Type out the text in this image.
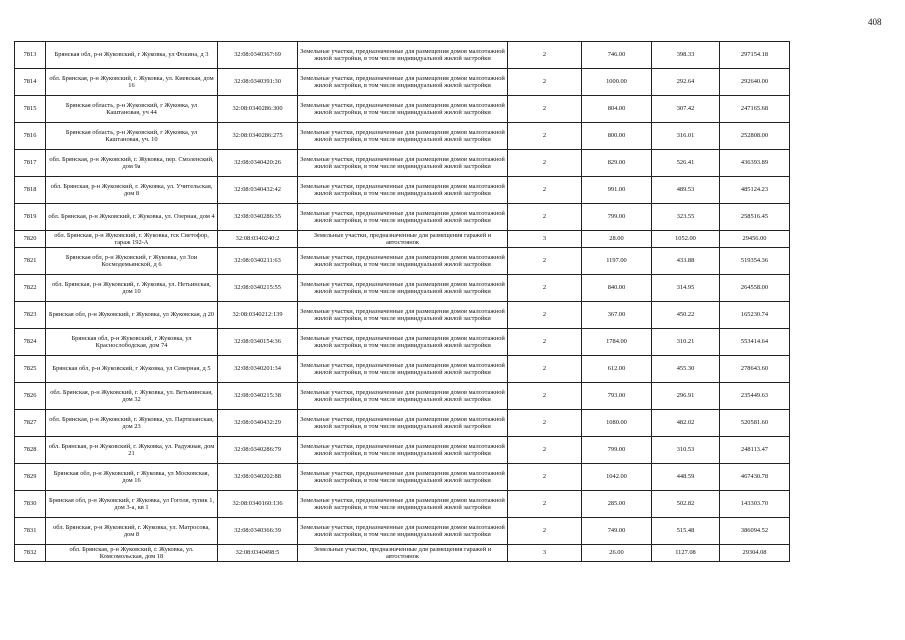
408
7813	Брянская обл, р-н Жуковский, г Жуковка, ул Фокина, д 3	32:08:0340367:69	Земельные участки, предназначенные для размещения домов малоэтажной жилой застройки, в том числе индивидуальной жилой застройки	2	746.00	398.33	297154.18
7814	обл. Брянская, р-н Жуковский, г. Жуковка, ул. Киевская, дом 16	32:08:0340391:30	Земельные участки, предназначенные для размещения домов малоэтажной жилой застройки, в том числе индивидуальной жилой застройки	2	1000.00	292.64	292640.00
7815	Брянская область, р-н Жуковский, г Жуковка, ул Каштановая, уч 44	32:08:0340286:300	Земельные участки, предназначенные для размещения домов малоэтажной жилой застройки, в том числе индивидуальной жилой застройки	2	804.00	307.42	247165.68
7816	Брянская область, р-н Жуковский, г Жуковка, ул Каштановая, уч. 10	32:08:0340286:275	Земельные участки, предназначенные для размещения домов малоэтажной жилой застройки, в том числе индивидуальной жилой застройки	2	800.00	316.01	252808.00
7817	обл. Брянская, р-н Жуковский, г. Жуковка, пер. Смоленский, дом 9а	32:08:0340420:26	Земельные участки, предназначенные для размещения домов малоэтажной жилой застройки, в том числе индивидуальной жилой застройки	2	829.00	526.41	436393.89
7818	обл. Брянская, р-н Жуковский, г. Жуковка, ул. Учительская, дом 8	32:08:0340432:42	Земельные участки, предназначенные для размещения домов малоэтажной жилой застройки, в том числе индивидуальной жилой застройки	2	991.00	489.53	485124.23
7819	обл. Брянская, р-н Жуковский, г. Жуковка, ул. Озерная, дом 4	32:08:0340286:35	Земельные участки, предназначенные для размещения домов малоэтажной жилой застройки, в том числе индивидуальной жилой застройки	2	799.00	323.55	258516.45
7820	обл. Брянская, р-н Жуковский, г. Жуковка, гск Светофор, гараж 192-А	32:08:0340240:2	Земельные участки, предназначенные для размещения гаражей и автостоянок	3	28.00	1052.00	29456.00
7821	Брянская обл, р-н Жуковский, г Жуковка, ул Зои Космодемьянской, д 6	32:08:0340211:63	Земельные участки, предназначенные для размещения домов малоэтажной жилой застройки, в том числе индивидуальной жилой застройки	2	1197.00	433.88	519354.36
7822	обл. Брянская, р-н Жуковский, г. Жуковка, ул. Нетьинская, дом 10	32:08:0340215:55	Земельные участки, предназначенные для размещения домов малоэтажной жилой застройки, в том числе индивидуальной жилой застройки	2	840.00	314.95	264558.00
7823	Брянская обл, р-н Жуковский, г Жуковка, ул Жуковская, д 20	32:08:0340212:139	Земельные участки, предназначенные для размещения домов малоэтажной жилой застройки, в том числе индивидуальной жилой застройки	2	367.00	450.22	165230.74
7824	Брянская обл, р-н Жуковский, г Жуковка, ул Краснослободская, дом 74	32:08:0340154:36	Земельные участки, предназначенные для размещения домов малоэтажной жилой застройки, в том числе индивидуальной жилой застройки	2	1784.00	310.21	553414.64
7825	Брянская обл, р-н Жуковский, г Жуковка, ул Северная, д 5	32:08:0340201:34	Земельные участки, предназначенные для размещения домов малоэтажной жилой застройки, в том числе индивидуальной жилой застройки	2	612.00	455.30	278643.60
7826	обл. Брянская, р-н Жуковский, г. Жуковка, ул. Ветьминская, дом 32	32:08:0340215:38	Земельные участки, предназначенные для размещения домов малоэтажной жилой застройки, в том числе индивидуальной жилой застройки	2	793.00	296.91	235449.63
7827	обл. Брянская, р-н Жуковский, г. Жуковка, ул. Партизанская, дом 23	32:08:0340432:29	Земельные участки, предназначенные для размещения домов малоэтажной жилой застройки, в том числе индивидуальной жилой застройки	2	1080.00	482.02	520581.60
7828	обл. Брянская, р-н Жуковский, г. Жуковка, ул. Радужная, дом 21	32:08:0340286:79	Земельные участки, предназначенные для размещения домов малоэтажной жилой застройки, в том числе индивидуальной жилой застройки	2	799.00	310.53	248113.47
7829	Брянская обл, р-н Жуковский, г Жуковка, ул Московская, дом 16	32:08:0340202:88	Земельные участки, предназначенные для размещения домов малоэтажной жилой застройки, в том числе индивидуальной жилой застройки	2	1042.00	448.59	467430.78
7830	Брянская обл, р-н Жуковский, г Жуковка, ул Гоголя, тупик 1, дом 3-а, кв 1	32:08:0340160:136	Земельные участки, предназначенные для размещения домов малоэтажной жилой застройки, в том числе индивидуальной жилой застройки	2	285.00	502.82	143303.70
7831	обл. Брянская, р-н Жуковский, г. Жуковка, ул. Матросова, дом 8	32:08:0340366:39	Земельные участки, предназначенные для размещения домов малоэтажной жилой застройки, в том числе индивидуальной жилой застройки	2	749.00	515.48	386094.52
7832	обл. Брянская, р-н Жуковский, г. Жуковка, ул. Комсомольская, дом 18	32:08:0340498:5	Земельные участки, предназначенные для размещения гаражей и автостоянок	3	26.00	1127.08	29304.08
